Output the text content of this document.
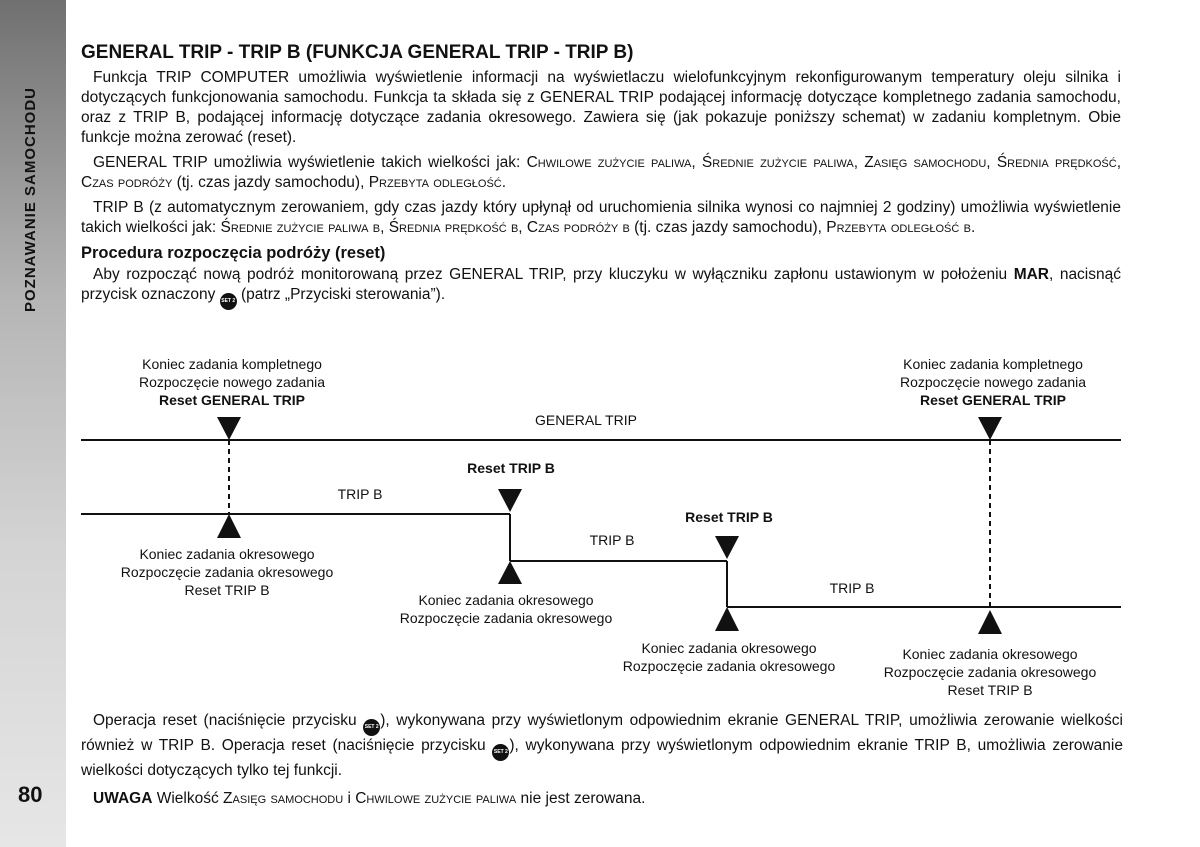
POZNAWANIE SAMOCHODU
80
GENERAL TRIP - TRIP B (FUNKCJA GENERAL TRIP - TRIP B)

Funkcja TRIP COMPUTER umożliwia wyświetlenie informacji na wyświetlaczu wielofunkcyjnym rekonfigurowanym temperatury oleju silnika i dotyczących funkcjonowania samochodu. Funkcja ta składa się z GENERAL TRIP podającej informację dotyczące kompletnego zadania samochodu, oraz z TRIP B, podającej informację dotyczące zadania okresowego. Zawiera się (jak pokazuje poniższy schemat) w zadaniu kompletnym. Obie funkcje można zerować (reset).

GENERAL TRIP umożliwia wyświetlenie takich wielkości jak: Chwilowe zużycie paliwa, Średnie zużycie paliwa, Zasięg samochodu, Średnia prędkość, Czas podróży (tj. czas jazdy samochodu), Przebyta odległość.

TRIP B (z automatycznym zerowaniem, gdy czas jazdy który upłynął od uruchomienia silnika wynosi co najmniej 2 godziny) umożliwia wyświetlenie takich wielkości jak: Średnie zużycie paliwa b, Średnia prędkość b, Czas podróży b (tj. czas jazdy samochodu), Przebyta odległość b.

Procedura rozpoczęcia podróży (reset)

Aby rozpocząć nową podróż monitorowaną przez GENERAL TRIP, przy kluczyku w wyłączniku zapłonu ustawionym w położeniu MAR, nacisnąć przycisk oznaczony SET 2 (patrz „Przyciski sterowania”).

Koniec zadania kompletnego
Rozpoczęcie nowego zadania
Reset GENERAL TRIP
Koniec zadania kompletnego
Rozpoczęcie nowego zadania
Reset GENERAL TRIP
GENERAL TRIP
TRIP B
TRIP B
TRIP B
Reset TRIP B
Reset TRIP B
Koniec zadania okresowego
Rozpoczęcie zadania okresowego
Reset TRIP B
Koniec zadania okresowego
Rozpoczęcie zadania okresowego
Koniec zadania okresowego
Rozpoczęcie zadania okresowego
Koniec zadania okresowego
Rozpoczęcie zadania okresowego
Reset TRIP B

Operacja reset (naciśnięcie przycisku SET 2), wykonywana przy wyświetlonym odpowiednim ekranie GENERAL TRIP, umożliwia zerowanie wielkości również w TRIP B. Operacja reset (naciśnięcie przycisku SET 2), wykonywana przy wyświetlonym odpowiednim ekranie TRIP B, umożliwia zerowanie wielkości dotyczących tylko tej funkcji.

UWAGA Wielkość Zasięg samochodu i Chwilowe zużycie paliwa nie jest zerowana.
